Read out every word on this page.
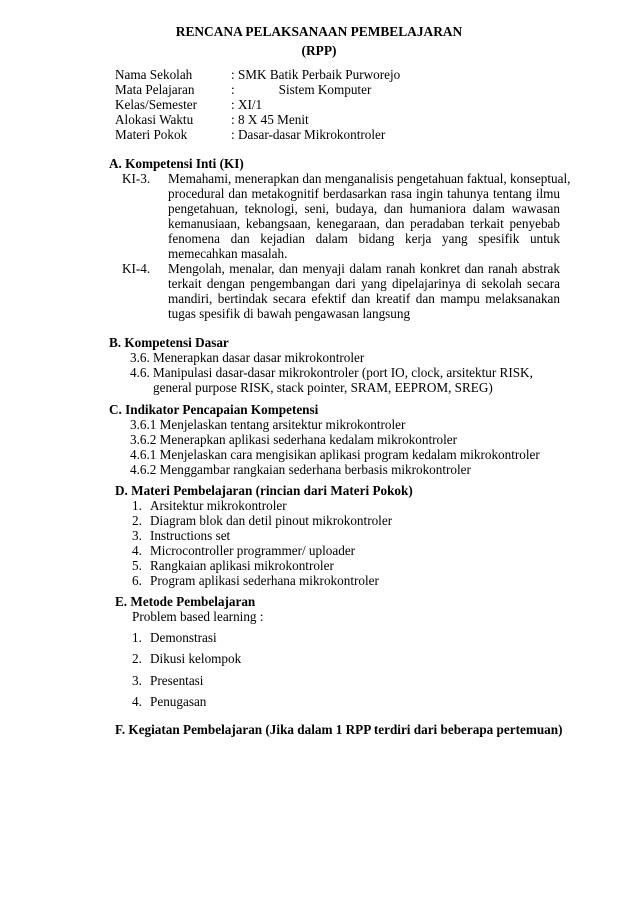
RENCANA PELAKSANAAN PEMBELAJARAN
(RPP)
Nama Sekolah	: SMK Batik Perbaik Purworejo
Mata Pelajaran	:	Sistem Komputer
Kelas/Semester	: XI/1
Alokasi Waktu	: 8 X 45 Menit
Materi Pokok	: Dasar-dasar Mikrokontroler
A. Kompetensi Inti (KI)
KI-3. Memahami, menerapkan dan menganalisis pengetahuan faktual, konseptual,
procedural dan metakognitif berdasarkan rasa ingin tahunya tentang ilmu
pengetahuan, teknologi, seni, budaya, dan humaniora dalam wawasan
kemanusiaan, kebangsaan, kenegaraan, dan peradaban terkait penyebab
fenomena dan kejadian dalam bidang kerja yang spesifik untuk
memecahkan masalah.
KI-4. Mengolah, menalar, dan menyaji dalam ranah konkret dan ranah abstrak
terkait dengan pengembangan dari yang dipelajarinya di sekolah secara
mandiri, bertindak secara efektif dan kreatif dan mampu melaksanakan
tugas spesifik di bawah pengawasan langsung
B. Kompetensi Dasar
3.6. Menerapkan dasar dasar mikrokontroler
4.6. Manipulasi dasar-dasar mikrokontroler (port IO, clock, arsitektur RISK,
general purpose RISK, stack pointer, SRAM, EEPROM, SREG)
C. Indikator Pencapaian Kompetensi
3.6.1 Menjelaskan tentang arsitektur mikrokontroler
3.6.2 Menerapkan aplikasi sederhana kedalam mikrokontroler
4.6.1 Menjelaskan cara mengisikan aplikasi program kedalam mikrokontroler
4.6.2 Menggambar rangkaian sederhana berbasis mikrokontroler
D. Materi Pembelajaran (rincian dari Materi Pokok)
1. Arsitektur mikrokontroler
2. Diagram blok dan detil pinout mikrokontroler
3. Instructions set
4. Microcontroller programmer/ uploader
5. Rangkaian aplikasi mikrokontroler
6. Program aplikasi sederhana mikrokontroler
E. Metode Pembelajaran
Problem based learning :
1. Demonstrasi
2. Dikusi kelompok
3. Presentasi
4. Penugasan
F. Kegiatan Pembelajaran (Jika dalam 1 RPP terdiri dari beberapa pertemuan)
